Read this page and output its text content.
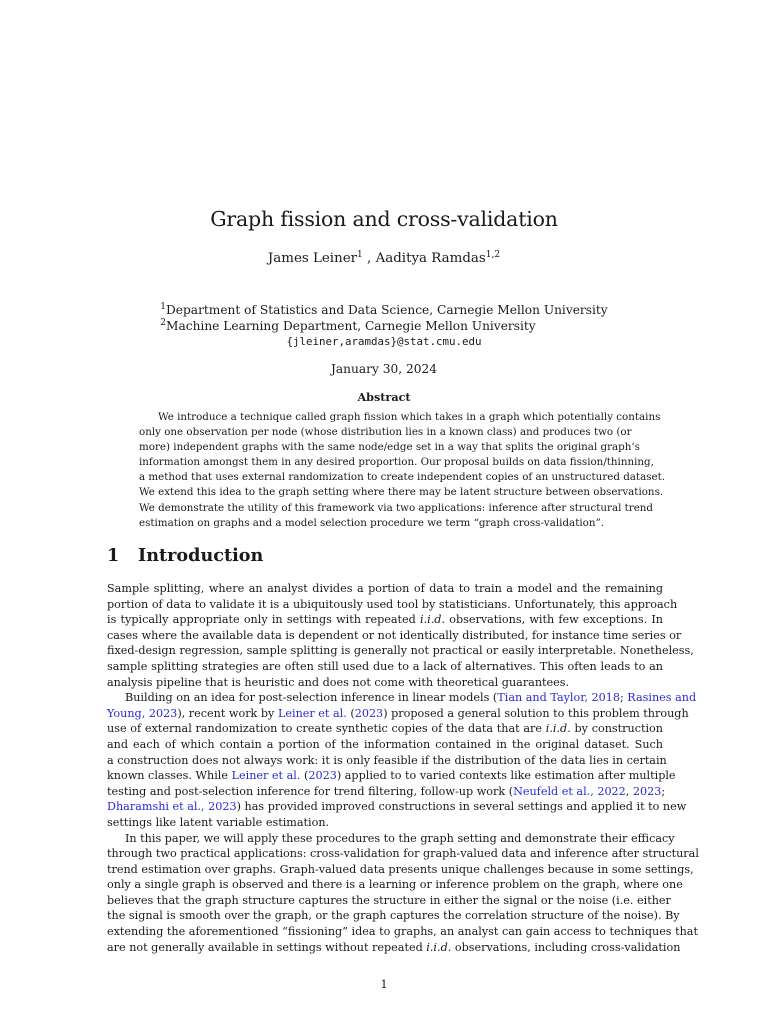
Graph fission and cross-validation
James Leiner$^1$ , Aaditya Ramdas$^{1,2}$
$^1$Department of Statistics and Data Science, Carnegie Mellon University
$^2$Machine Learning Department, Carnegie Mellon University
{jleiner,aramdas}@stat.cmu.edu
January 30, 2024
Abstract
We introduce a technique called graph fission which takes in a graph which potentially contains
only one observation per node (whose distribution lies in a known class) and produces two (or
more) independent graphs with the same node/edge set in a way that splits the original graph’s
information amongst them in any desired proportion. Our proposal builds on data fission/thinning,
a method that uses external randomization to create independent copies of an unstructured dataset.
We extend this idea to the graph setting where there may be latent structure between observations.
We demonstrate the utility of this framework via two applications: inference after structural trend
estimation on graphs and a model selection procedure we term “graph cross-validation”.
1 Introduction
Sample splitting, where an analyst divides a portion of data to train a model and the remaining
portion of data to validate it is a ubiquitously used tool by statisticians. Unfortunately, this approach
is typically appropriate only in settings with repeated i.i.d. observations, with few exceptions. In
cases where the available data is dependent or not identically distributed, for instance time series or
fixed-design regression, sample splitting is generally not practical or easily interpretable. Nonetheless,
sample splitting strategies are often still used due to a lack of alternatives. This often leads to an
analysis pipeline that is heuristic and does not come with theoretical guarantees.
Building on an idea for post-selection inference in linear models (Tian and Taylor, 2018; Rasines and
Young, 2023), recent work by Leiner et al. (2023) proposed a general solution to this problem through
use of external randomization to create synthetic copies of the data that are i.i.d. by construction
and each of which contain a portion of the information contained in the original dataset. Such
a construction does not always work: it is only feasible if the distribution of the data lies in certain
known classes. While Leiner et al. (2023) applied to to varied contexts like estimation after multiple
testing and post-selection inference for trend filtering, follow-up work (Neufeld et al., 2022, 2023;
Dharamshi et al., 2023) has provided improved constructions in several settings and applied it to new
settings like latent variable estimation.
In this paper, we will apply these procedures to the graph setting and demonstrate their efficacy
through two practical applications: cross-validation for graph-valued data and inference after structural
trend estimation over graphs. Graph-valued data presents unique challenges because in some settings,
only a single graph is observed and there is a learning or inference problem on the graph, where one
believes that the graph structure captures the structure in either the signal or the noise (i.e. either
the signal is smooth over the graph, or the graph captures the correlation structure of the noise). By
extending the aforementioned “fissioning” idea to graphs, an analyst can gain access to techniques that
are not generally available in settings without repeated i.i.d. observations, including cross-validation
1
